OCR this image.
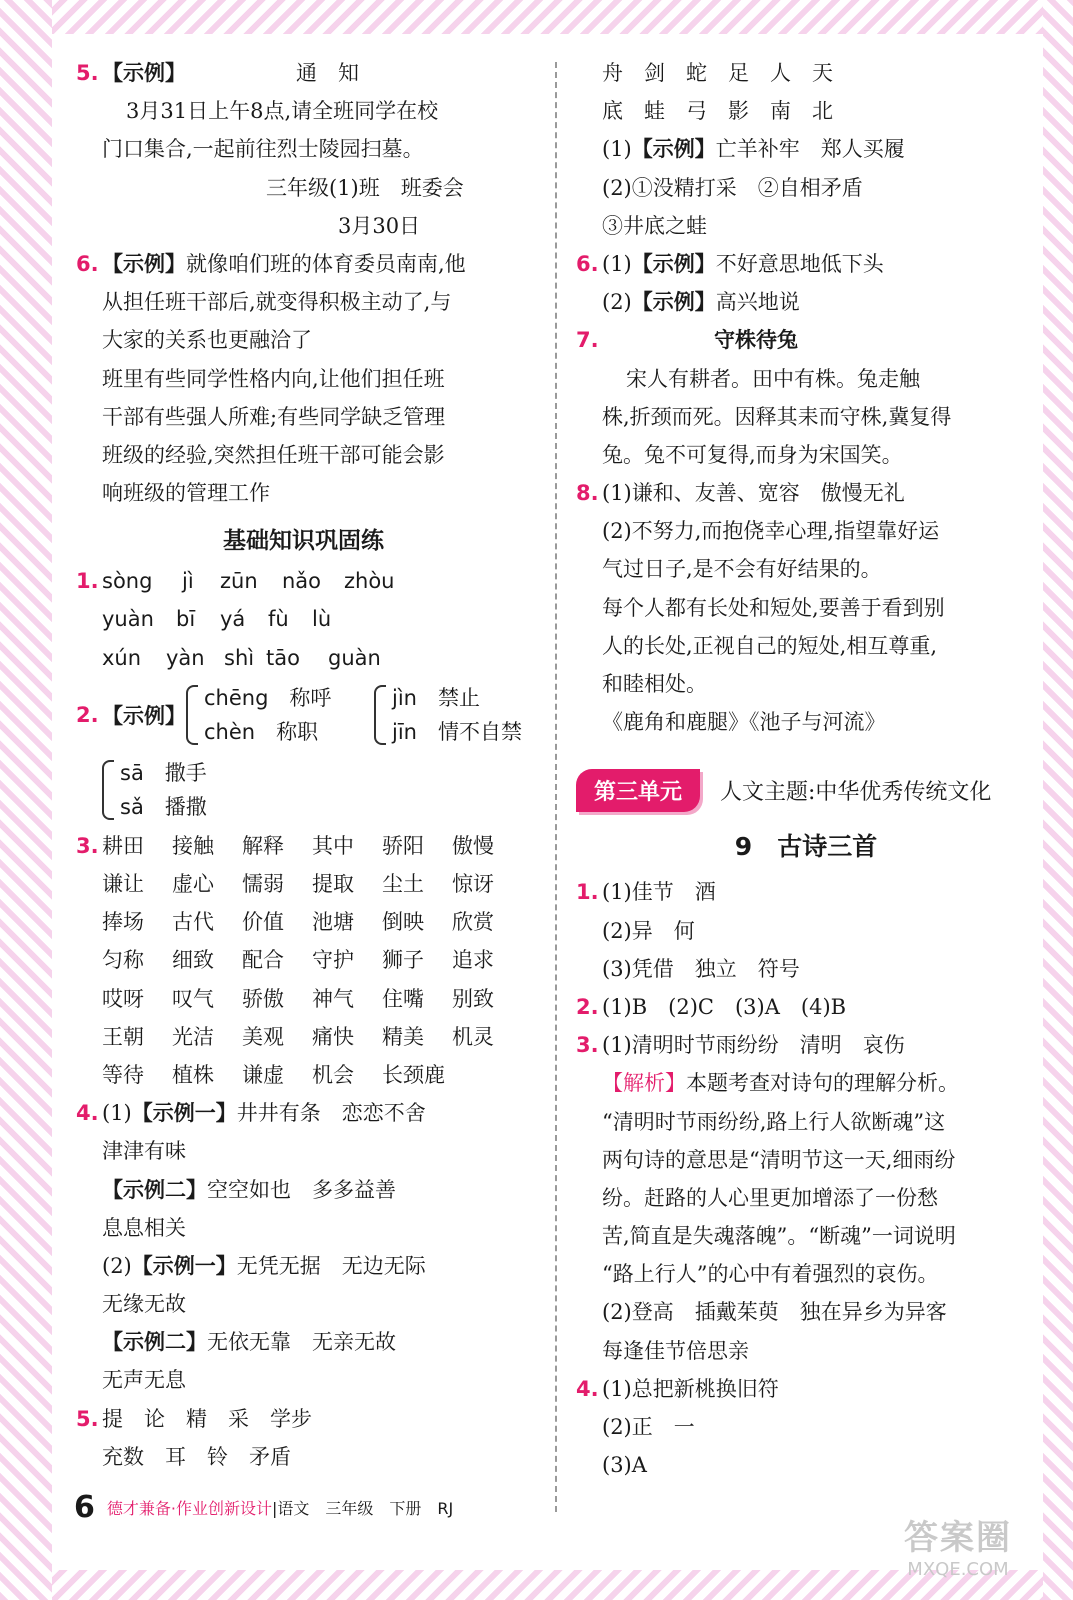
5. 【示例】	通　知
3月31日上午8点,请全班同学在校
门口集合,一起前往烈士陵园扫墓。
三年级(1)班　班委会
3月30日
6. 【示例】就像咱们班的体育委员南南,他
从担任班干部后,就变得积极主动了,与
大家的关系也更融洽了
班里有些同学性格内向,让他们担任班
干部有些强人所难;有些同学缺乏管理
班级的经验,突然担任班干部可能会影
响班级的管理工作
基础知识巩固练
1. sòng jì zūn nǎo zhòu
yuàn bī yá fù lù
xún yàn shì tāo guàn
2. 【示例】
chēng　称呼
chèn　称职
jìn　禁止
jīn　情不自禁
sā　撒手
sǎ　播撒
3. 耕田 接触 解释 其中 骄阳 傲慢
谦让 虚心 懦弱 提取 尘土 惊讶
捧场 古代 价值 池塘 倒映 欣赏
匀称 细致 配合 守护 狮子 追求
哎呀 叹气 骄傲 神气 住嘴 别致
王朝 光洁 美观 痛快 精美 机灵
等待 植株 谦虚 机会 长颈鹿
4. (1)【示例一】井井有条　恋恋不舍
津津有味
【示例二】空空如也　多多益善
息息相关
(2)【示例一】无凭无据　无边无际
无缘无故
【示例二】无依无靠　无亲无故
无声无息
5. 提　论　精　采　学步
充数　耳　铃　矛盾
舟　剑　蛇　足　人　天
底　蛙　弓　影　南　北
(1)【示例】亡羊补牢　郑人买履
(2)①没精打采　②自相矛盾
③井底之蛙
6. (1)【示例】不好意思地低下头
(2)【示例】高兴地说
7.	守株待兔
宋人有耕者。田中有株。兔走触
株,折颈而死。因释其耒而守株,冀复得
兔。兔不可复得,而身为宋国笑。
8. (1)谦和、友善、宽容　傲慢无礼
(2)不努力,而抱侥幸心理,指望靠好运
气过日子,是不会有好结果的。
每个人都有长处和短处,要善于看到别
人的长处,正视自己的短处,相互尊重,
和睦相处。
《鹿角和鹿腿》《池子与河流》
第三单元	人文主题:中华优秀传统文化
9　古诗三首
1. (1)佳节　酒
(2)异　何
(3)凭借　独立　符号
2. (1)B　(2)C　(3)A　(4)B
3. (1)清明时节雨纷纷　清明　哀伤
【解析】本题考查对诗句的理解分析。
“清明时节雨纷纷,路上行人欲断魂”这
两句诗的意思是“清明节这一天,细雨纷
纷。赶路的人心里更加增添了一份愁
苦,简直是失魂落魄”。“断魂”一词说明
“路上行人”的心中有着强烈的哀伤。
(2)登高　插戴茱萸　独在异乡为异客
每逢佳节倍思亲
4. (1)总把新桃换旧符
(2)正　一
(3)A
6 德才兼备·作业创新设计|语文　三年级　下册　RJ
答案圈
MXQE.COM
